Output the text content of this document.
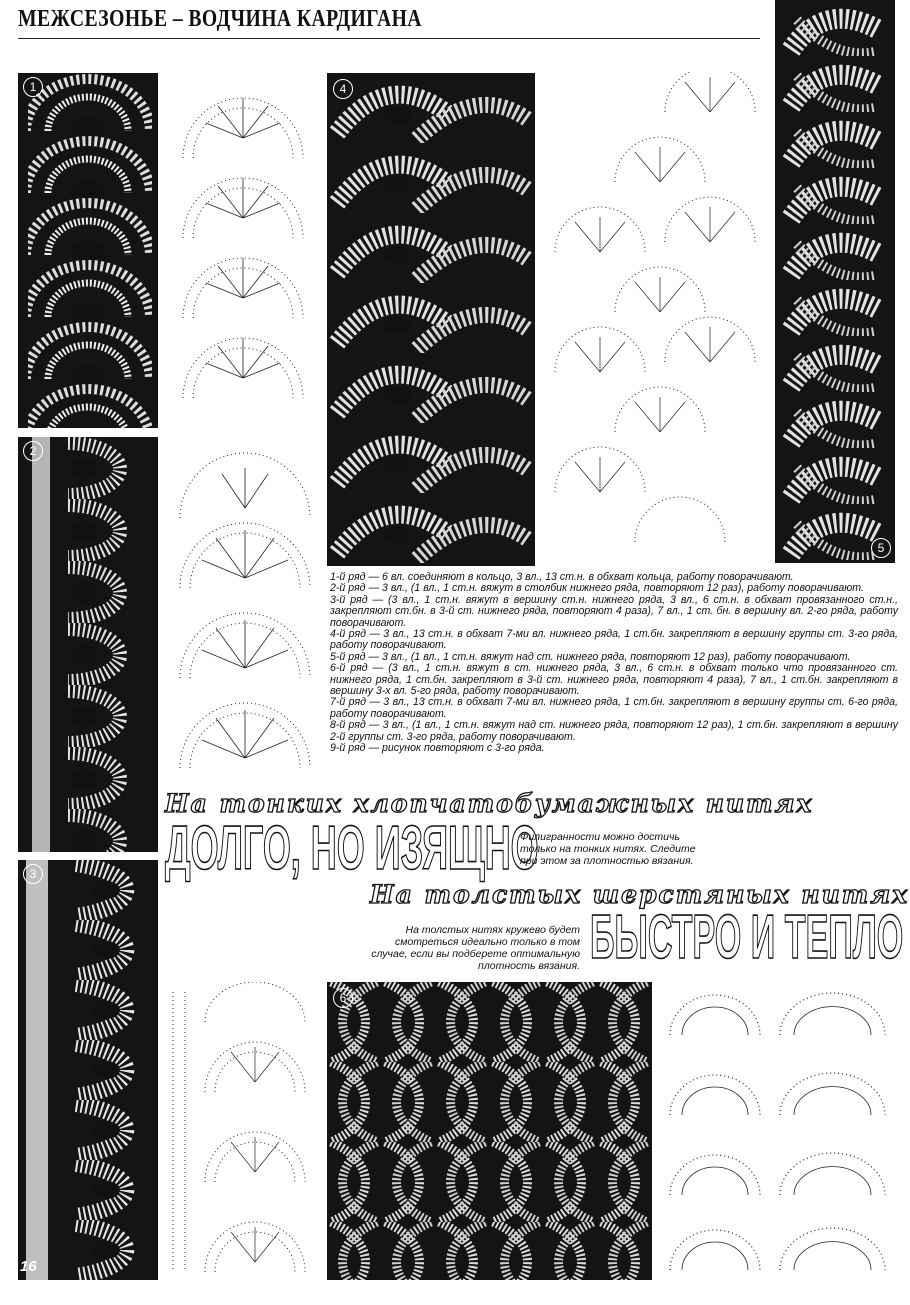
МЕЖСЕЗОНЬЕ – ВОДЧИНА КАРДИГАНА
1
2
3
16
4
5
6

1-й ряд — 6 вл. соединяют в кольцо, 3 вл., 13 ст.н. в обхват кольца, работу поворачивают.

2-й ряд — 3 вл., (1 вл., 1 ст.н. вяжут в столбик нижнего ряда, повторяют 12 раз), работу поворачивают.

3-й ряд — (3 вл., 1 ст.н. вяжут в вершину ст.н. нижнего ряда, 3 вл., 6 ст.н. в обхват провязанного ст.н., закрепляют ст.бн. в 3-й ст. нижнего ряда, повторяют 4 раза), 7 вл., 1 ст. бн. в вершину вл. 2-го ряда, работу поворачивают.

4-й ряд — 3 вл., 13 ст.н. в обхват 7-ми вл. нижнего ряда, 1 ст.бн. закрепляют в вершину группы ст. 3-го ряда, работу поворачивают.

5-й ряд — 3 вл., (1 вл., 1 ст.н. вяжут над ст. нижнего ряда, повторяют 12 раз), работу поворачивают.

6-й ряд — (3 вл., 1 ст.н. вяжут в ст. нижнего ряда, 3 вл., 6 ст.н. в обхват только что провязанного ст. нижнего ряда, 1 ст.бн. закрепляют в 3-й ст. нижнего ряда, повторяют 4 раза), 7 вл., 1 ст.бн. закрепляют в вершину 3-х вл. 5-го ряда, работу поворачивают.

7-й ряд — 3 вл., 13 ст.н. в обхват 7-ми вл. нижнего ряда, 1 ст.бн. закрепляют в вершину группы ст. 6-го ряда, работу поворачивают.

8-й ряд — 3 вл., (1 вл., 1 ст.н. вяжут над ст. нижнего ряда, повторяют 12 раз), 1 ст.бн. закрепляют в вершину 2-й группы ст. 3-го ряда, работу поворачивают.

9-й ряд — рисунок повторяют с 3-го ряда.

На тонких хлопчатобумажных нитях
ДОЛГО, НО ИЗЯЩНО
Филигранности можно достичь только на тонких нитях. Следите при этом за плотностью вязания.
На толстых шерстяных нитях
БЫСТРО И ТЕПЛО
На толстых нитях кружево будет смотреться идеально только в том случае, если вы подберете оптимальную плотность вязания.
